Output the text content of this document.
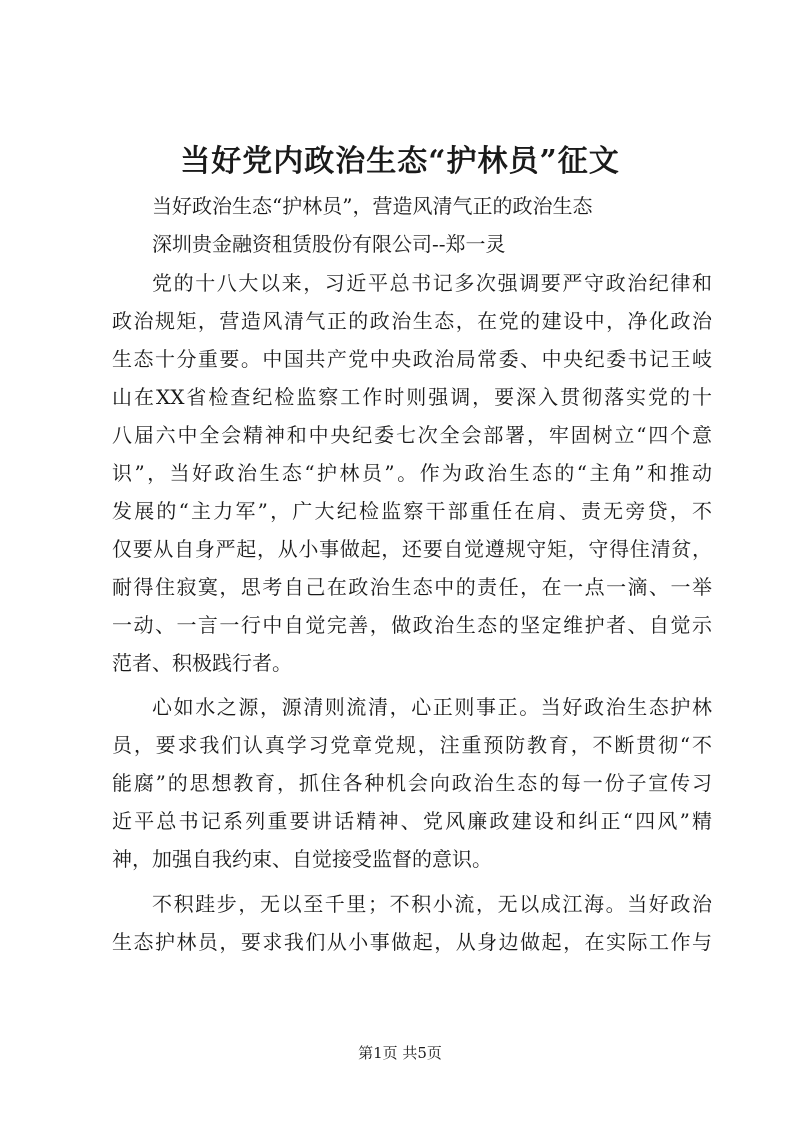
当好党内政治生态“护林员”征文
当好政治生态“护林员”，营造风清气正的政治生态
深圳贵金融资租赁股份有限公司--郑一灵
党的十八大以来，习近平总书记多次强调要严守政治纪律和
政治规矩，营造风清气正的政治生态，在党的建设中，净化政治
生态十分重要。中国共产党中央政治局常委、中央纪委书记王岐
山在XX省检查纪检监察工作时则强调，要深入贯彻落实党的十
八届六中全会精神和中央纪委七次全会部署，牢固树立“四个意
识”，当好政治生态“护林员”。作为政治生态的“主角”和推动
发展的“主力军”，广大纪检监察干部重任在肩、责无旁贷，不
仅要从自身严起，从小事做起，还要自觉遵规守矩，守得住清贫，
耐得住寂寞，思考自己在政治生态中的责任，在一点一滴、一举
一动、一言一行中自觉完善，做政治生态的坚定维护者、自觉示
范者、积极践行者。
心如水之源，源清则流清，心正则事正。当好政治生态护林
员，要求我们认真学习党章党规，注重预防教育，不断贯彻“不
能腐”的思想教育，抓住各种机会向政治生态的每一份子宣传习
近平总书记系列重要讲话精神、党风廉政建设和纠正“四风”精
神，加强自我约束、自觉接受监督的意识。
不积跬步，无以至千里；不积小流，无以成江海。当好政治
生态护林员，要求我们从小事做起，从身边做起，在实际工作与
第1页 共5页
